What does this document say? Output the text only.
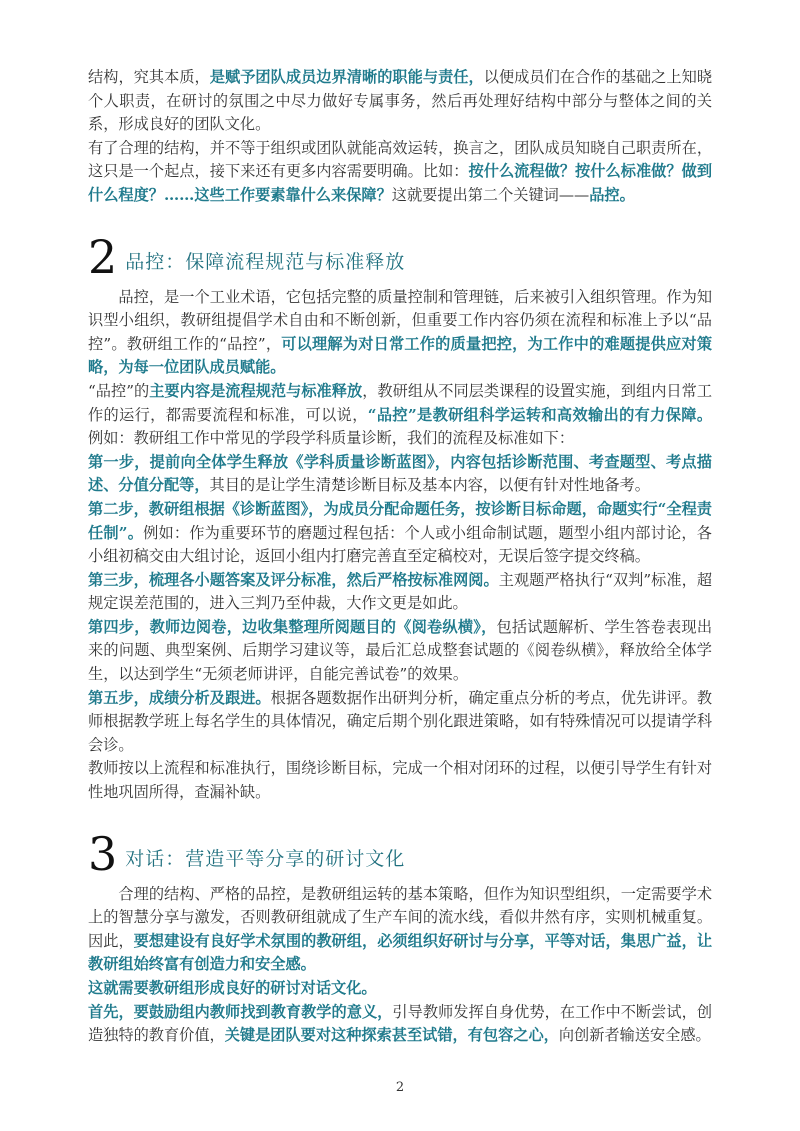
结构，究其本质，是赋予团队成员边界清晰的职能与责任，以便成员们在合作的基础之上知晓个人职责，在研讨的氛围之中尽力做好专属事务，然后再处理好结构中部分与整体之间的关系，形成良好的团队文化。

有了合理的结构，并不等于组织或团队就能高效运转，换言之，团队成员知晓自己职责所在，这只是一个起点，接下来还有更多内容需要明确。比如：按什么流程做？按什么标准做？做到什么程度？……这些工作要素靠什么来保障？这就要提出第二个关键词——品控。

2 品控：保障流程规范与标准释放

品控，是一个工业术语，它包括完整的质量控制和管理链，后来被引入组织管理。作为知识型小组织，教研组提倡学术自由和不断创新，但重要工作内容仍须在流程和标准上予以“品控”。教研组工作的“品控”，可以理解为对日常工作的质量把控，为工作中的难题提供应对策略，为每一位团队成员赋能。

“品控”的主要内容是流程规范与标准释放，教研组从不同层类课程的设置实施，到组内日常工作的运行，都需要流程和标准，可以说，“品控”是教研组科学运转和高效输出的有力保障。例如：教研组工作中常见的学段学科质量诊断，我们的流程及标准如下：

第一步，提前向全体学生释放《学科质量诊断蓝图》，内容包括诊断范围、考查题型、考点描述、分值分配等，其目的是让学生清楚诊断目标及基本内容，以便有针对性地备考。

第二步，教研组根据《诊断蓝图》，为成员分配命题任务，按诊断目标命题，命题实行“全程责任制”。例如：作为重要环节的磨题过程包括：个人或小组命制试题，题型小组内部讨论，各小组初稿交由大组讨论，返回小组内打磨完善直至定稿校对，无误后签字提交终稿。

第三步，梳理各小题答案及评分标准，然后严格按标准网阅。主观题严格执行“双判”标准，超规定误差范围的，进入三判乃至仲裁，大作文更是如此。

第四步，教师边阅卷，边收集整理所阅题目的《阅卷纵横》，包括试题解析、学生答卷表现出来的问题、典型案例、后期学习建议等，最后汇总成整套试题的《阅卷纵横》，释放给全体学生，以达到学生“无须老师讲评，自能完善试卷”的效果。

第五步，成绩分析及跟进。根据各题数据作出研判分析，确定重点分析的考点，优先讲评。教师根据教学班上每名学生的具体情况，确定后期个别化跟进策略，如有特殊情况可以提请学科会诊。

教师按以上流程和标准执行，围绕诊断目标，完成一个相对闭环的过程，以便引导学生有针对性地巩固所得，查漏补缺。

3 对话：营造平等分享的研讨文化

合理的结构、严格的品控，是教研组运转的基本策略，但作为知识型组织，一定需要学术上的智慧分享与激发，否则教研组就成了生产车间的流水线，看似井然有序，实则机械重复。因此，要想建设有良好学术氛围的教研组，必须组织好研讨与分享，平等对话，集思广益，让教研组始终富有创造力和安全感。

这就需要教研组形成良好的研讨对话文化。

首先，要鼓励组内教师找到教育教学的意义，引导教师发挥自身优势，在工作中不断尝试，创造独特的教育价值，关键是团队要对这种探索甚至试错，有包容之心，向创新者输送安全感。

2
